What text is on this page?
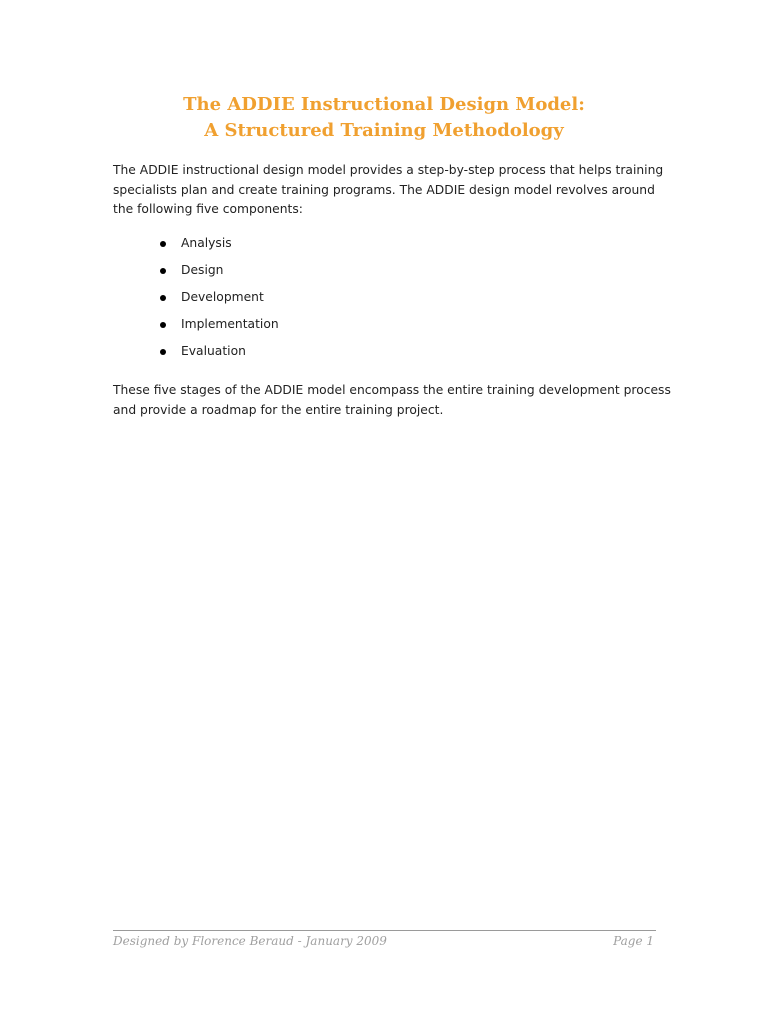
The ADDIE Instructional Design Model:
A Structured Training Methodology

The ADDIE instructional design model provides a step-by-step process that helps training specialists plan and create training programs. The ADDIE design model revolves around the following five components:

Analysis
Design
Development
Implementation
Evaluation

These five stages of the ADDIE model encompass the entire training development process and provide a roadmap for the entire training project.

Designed by Florence Beraud - January 2009	Page 1
